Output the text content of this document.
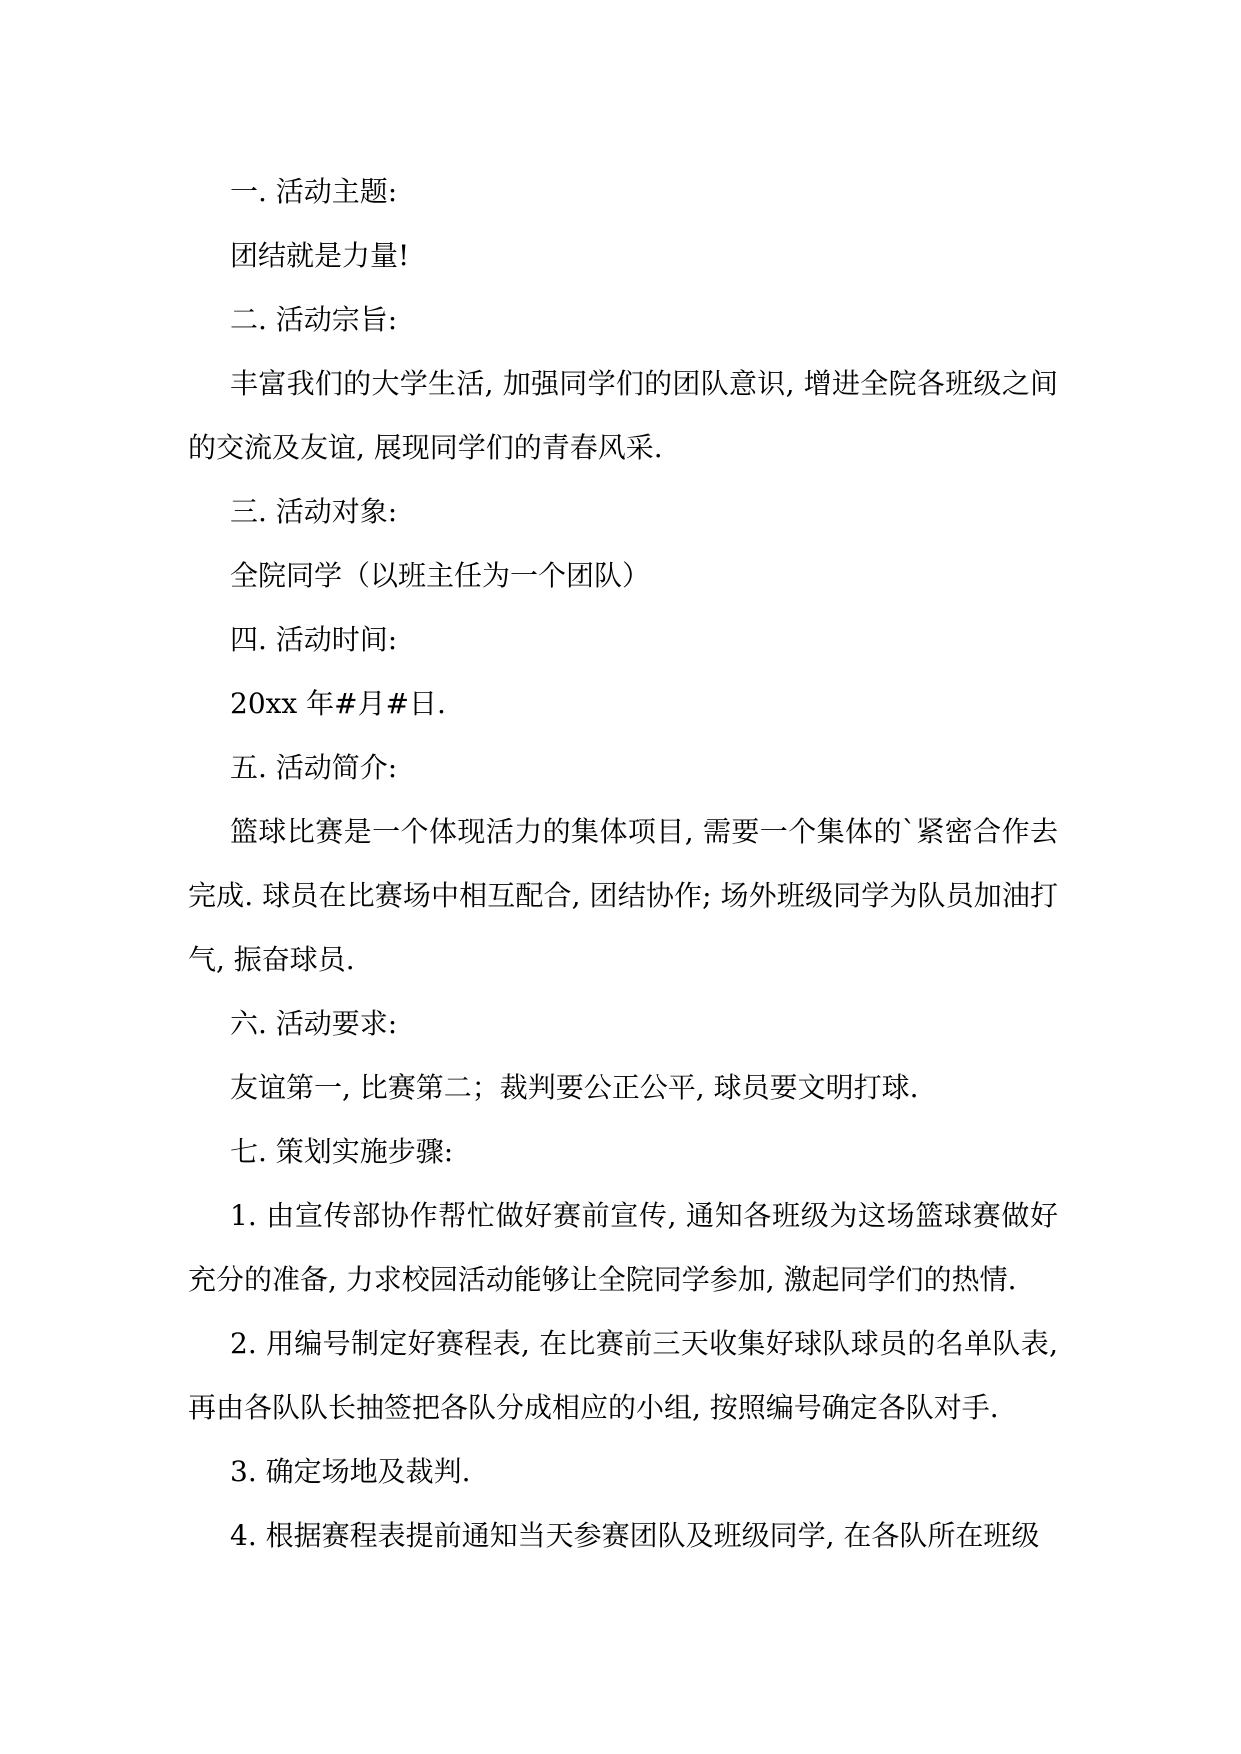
一. 活动主题:

团结就是力量!

二. 活动宗旨:

丰富我们的大学生活, 加强同学们的团队意识, 增进全院各班级之间的交流及友谊, 展现同学们的青春风采.

三. 活动对象:

全院同学（以班主任为一个团队）

四. 活动时间:

20xx 年#月#日.

五. 活动简介:

篮球比赛是一个体现活力的集体项目, 需要一个集体的`紧密合作去完成. 球员在比赛场中相互配合, 团结协作; 场外班级同学为队员加油打气, 振奋球员.

六. 活动要求:

友谊第一, 比赛第二；裁判要公正公平, 球员要文明打球.

七. 策划实施步骤:

1. 由宣传部协作帮忙做好赛前宣传, 通知各班级为这场篮球赛做好充分的准备, 力求校园活动能够让全院同学参加, 激起同学们的热情.

2. 用编号制定好赛程表, 在比赛前三天收集好球队球员的名单队表, 再由各队队长抽签把各队分成相应的小组, 按照编号确定各队对手.

3. 确定场地及裁判.

4. 根据赛程表提前通知当天参赛团队及班级同学, 在各队所在班级
